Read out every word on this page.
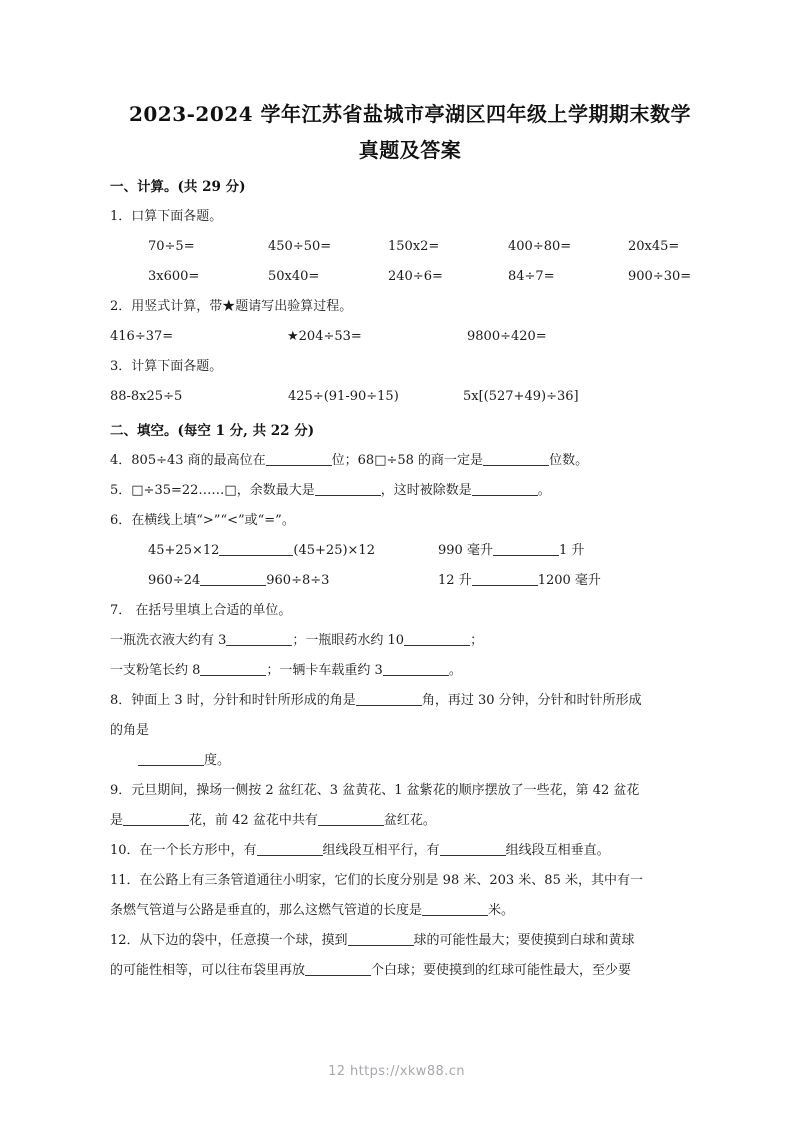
2023-2024 学年江苏省盐城市亭湖区四年级上学期期末数学
真题及答案
一、计算。(共 29 分)
1．口算下面各题。
70÷5=	450÷50=	150x2=	400÷80=	20x45=
3x600=	50x40=	240÷6=	84÷7=	900÷30=
2．用竖式计算，带★题请写出验算过程。
416÷37=	★204÷53=	9800÷420=
3．计算下面各题。
88-8x25÷5	425÷(91-90÷15)	5x[(527+49)÷36]
二、填空。(每空 1 分, 共 22 分)
4．805÷43 商的最高位在	位；68□÷58 的商一定是	位数。
5．□÷35=22……□，余数最大是	，这时被除数是	。
6．在横线上填“>”“<”或“=”。
45+25×12	(45+25)×12	990 毫升	1 升
960÷24	960÷8÷3	12 升	1200 毫升
7． 在括号里填上合适的单位。
一瓶洗衣液大约有 3	；一瓶眼药水约 10	；
一支粉笔长约 8	；一辆卡车载重约 3	。
8．钟面上 3 时，分针和时针所形成的角是	角，再过 30 分钟，分针和时针所形成
的角是
度。
9．元旦期间，操场一侧按 2 盆红花、3 盆黄花、1 盆紫花的顺序摆放了一些花，第 42 盆花
是	花，前 42 盆花中共有	盆红花。
10．在一个长方形中，有	组线段互相平行，有	组线段互相垂直。
11．在公路上有三条管道通往小明家，它们的长度分别是 98 米、203 米、85 米，其中有一
条燃气管道与公路是垂直的，那么这燃气管道的长度是	米。
12．从下边的袋中，任意摸一个球，摸到	球的可能性最大；要使摸到白球和黄球
的可能性相等，可以往布袋里再放	个白球；要使摸到的红球可能性最大，至少要
12 https://xkw88.cn
